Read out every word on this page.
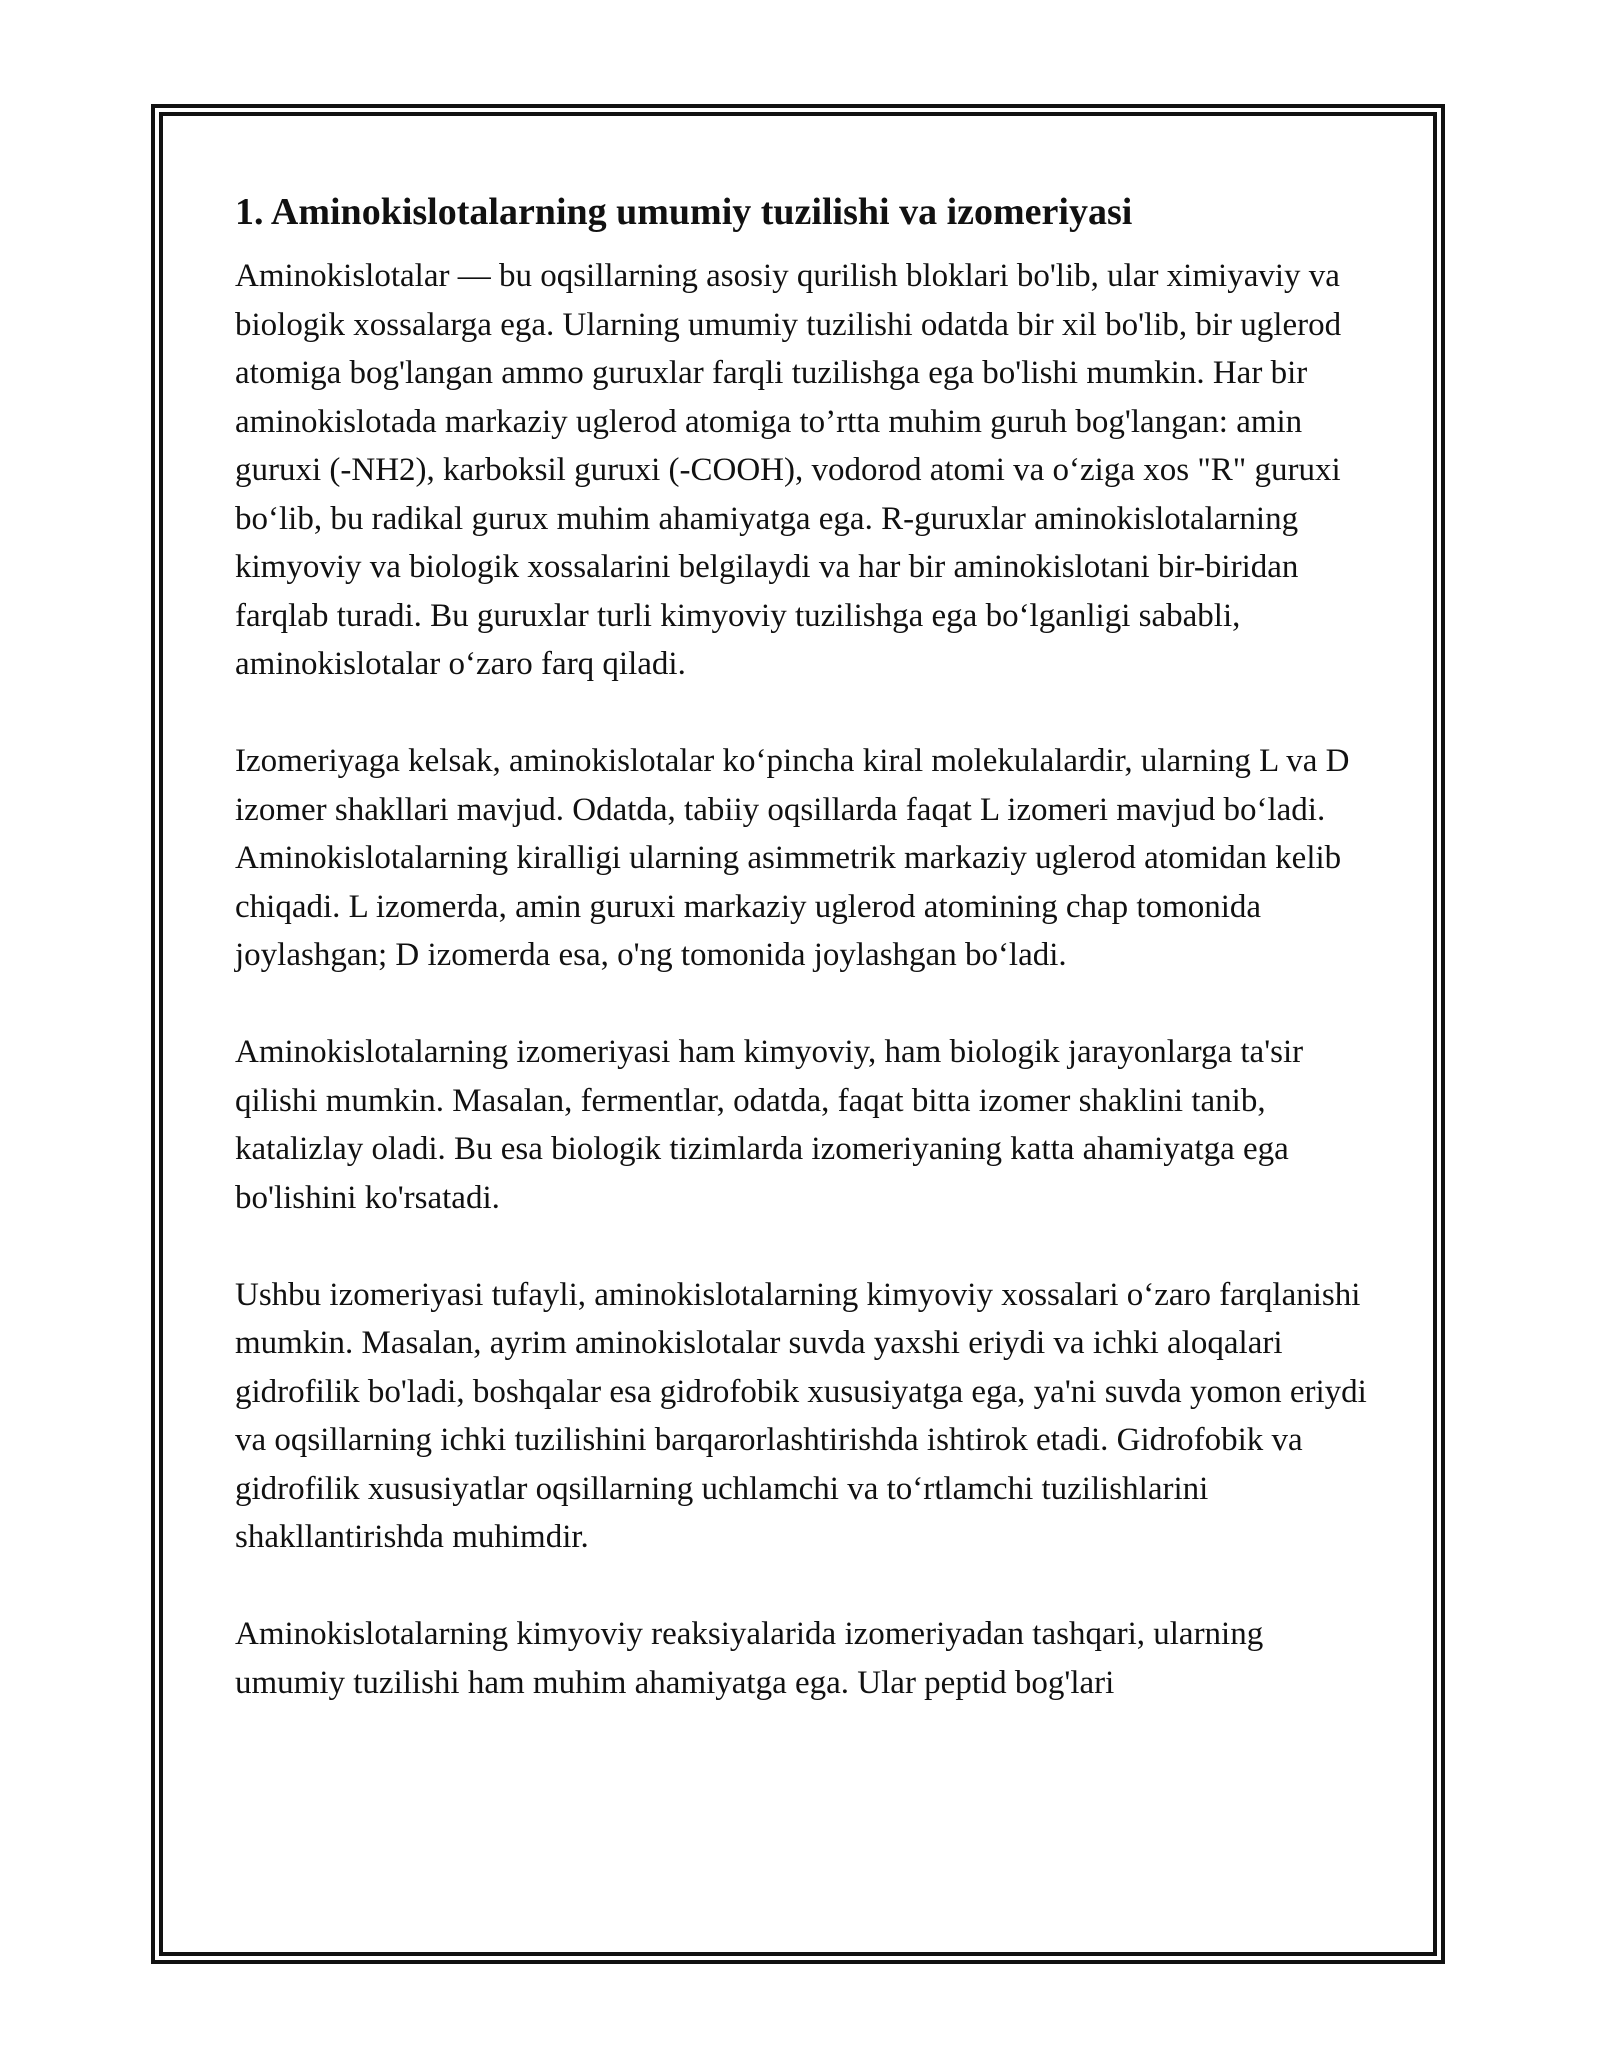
1. Aminokislotalarning umumiy tuzilishi va izomeriyasi

Aminokislotalar — bu oqsillarning asosiy qurilish bloklari bo'lib, ular ximiyaviy va biologik xossalarga ega. Ularning umumiy tuzilishi odatda bir xil bo'lib, bir uglerod atomiga bog'langan ammo guruxlar farqli tuzilishga ega bo'lishi mumkin. Har bir aminokislotada markaziy uglerod atomiga to’rtta muhim guruh bog'langan: amin guruxi (-NH2), karboksil guruxi (-COOH), vodorod atomi va o‘ziga xos "R" guruxi bo‘lib, bu radikal gurux muhim ahamiyatga ega. R-guruxlar aminokislotalarning kimyoviy va biologik xossalarini belgilaydi va har bir aminokislotani bir-biridan farqlab turadi. Bu guruxlar turli kimyoviy tuzilishga ega bo‘lganligi sababli, aminokislotalar o‘zaro farq qiladi.

Izomeriyaga kelsak, aminokislotalar ko‘pincha kiral molekulalardir, ularning L va D izomer shakllari mavjud. Odatda, tabiiy oqsillarda faqat L izomeri mavjud bo‘ladi. Aminokislotalarning kiralligi ularning asimmetrik markaziy uglerod atomidan kelib chiqadi. L izomerda, amin guruxi markaziy uglerod atomining chap tomonida joylashgan; D izomerda esa, o'ng tomonida joylashgan bo‘ladi.

Aminokislotalarning izomeriyasi ham kimyoviy, ham biologik jarayonlarga ta'sir qilishi mumkin. Masalan, fermentlar, odatda, faqat bitta izomer shaklini tanib, katalizlay oladi. Bu esa biologik tizimlarda izomeriyaning katta ahamiyatga ega bo'lishini ko'rsatadi.

Ushbu izomeriyasi tufayli, aminokislotalarning kimyoviy xossalari o‘zaro farqlanishi mumkin. Masalan, ayrim aminokislotalar suvda yaxshi eriydi va ichki aloqalari gidrofilik bo'ladi, boshqalar esa gidrofobik xususiyatga ega, ya'ni suvda yomon eriydi va oqsillarning ichki tuzilishini barqarorlashtirishda ishtirok etadi. Gidrofobik va gidrofilik xususiyatlar oqsillarning uchlamchi va to‘rtlamchi tuzilishlarini shakllantirishda muhimdir.

Aminokislotalarning kimyoviy reaksiyalarida izomeriyadan tashqari, ularning umumiy tuzilishi ham muhim ahamiyatga ega. Ular peptid bog'lari
